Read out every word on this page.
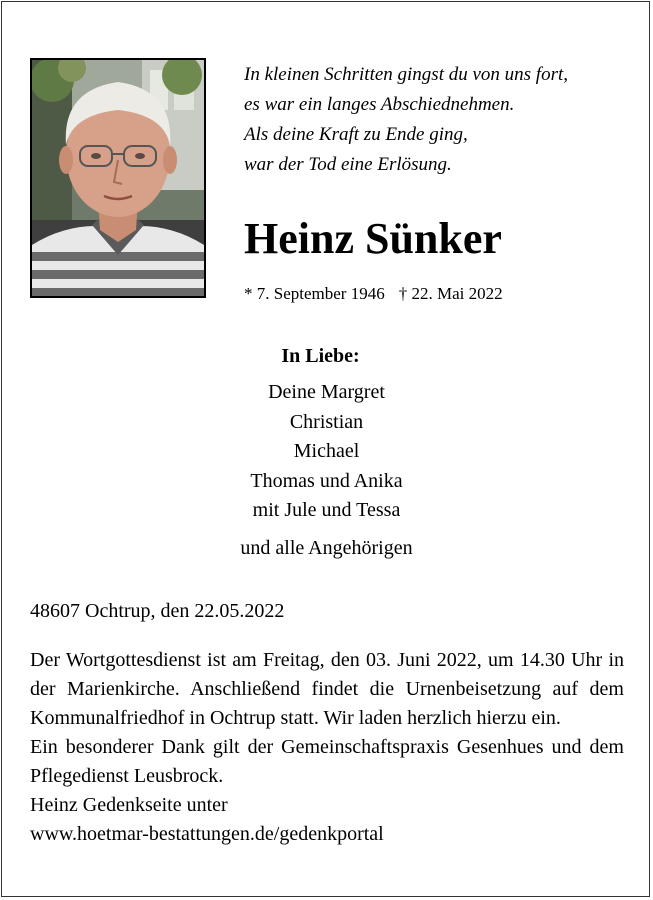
In kleinen Schritten gingst du von uns fort,
es war ein langes Abschiednehmen.
Als deine Kraft zu Ende ging,
war der Tod eine Erlösung.
Heinz Sünker
* 7. September 1946 † 22. Mai 2022
In Liebe:
Deine Margret
Christian
Michael
Thomas und Anika
mit Jule und Tessa
und alle Angehörigen
48607 Ochtrup, den 22.05.2022

Der Wortgottesdienst ist am Freitag, den 03. Juni 2022, um 14.30 Uhr in der Marienkirche. Anschließend findet die Urnenbeisetzung auf dem Kommunalfriedhof in Ochtrup statt. Wir laden herzlich hierzu ein.

Ein besonderer Dank gilt der Gemeinschaftspraxis Gesenhues und dem Pflegedienst Leusbrock.

Heinz Gedenkseite unter
www.hoetmar-bestattungen.de/gedenkportal
